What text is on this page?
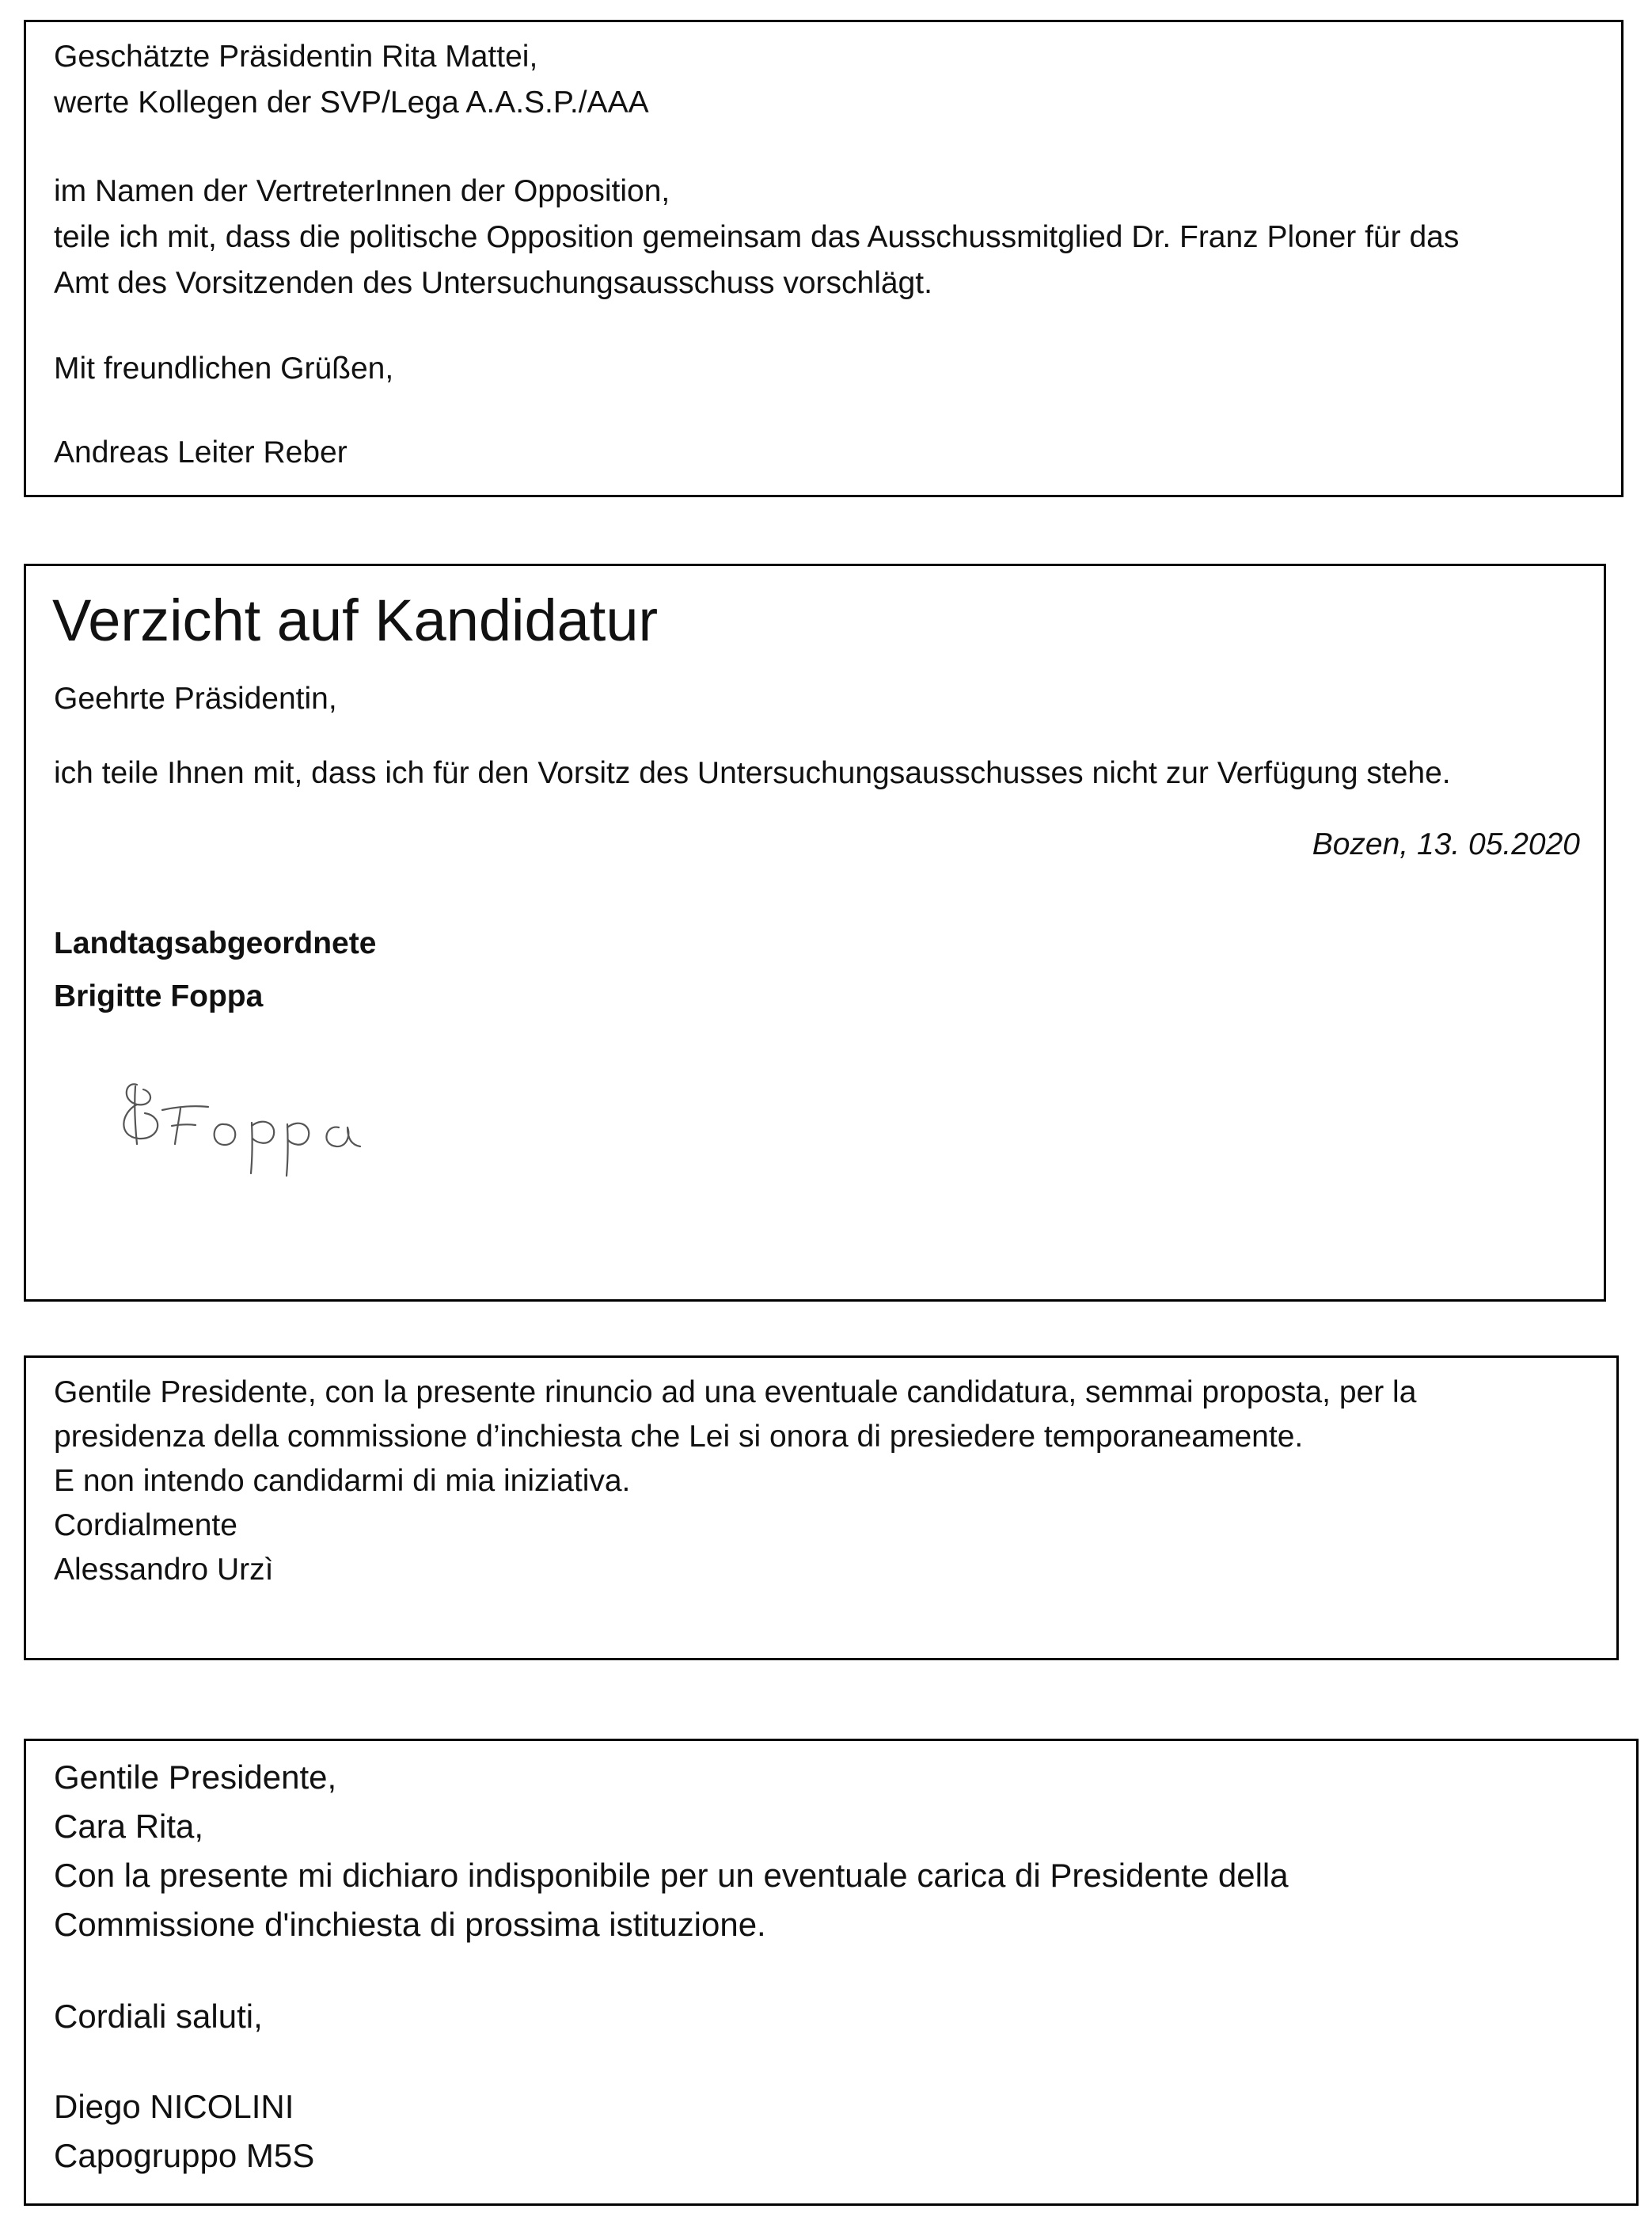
Geschätzte Präsidentin Rita Mattei,
werte Kollegen der SVP/Lega A.A.S.P./AAA
im Namen der VertreterInnen der Opposition,
teile ich mit, dass die politische Opposition gemeinsam das Ausschussmitglied Dr. Franz Ploner für das
Amt des Vorsitzenden des Untersuchungsausschuss vorschlägt.
Mit freundlichen Grüßen,
Andreas Leiter Reber
Verzicht auf Kandidatur
Geehrte Präsidentin,
ich teile Ihnen mit, dass ich für den Vorsitz des Untersuchungsausschusses nicht zur Verfügung stehe.
Bozen, 13. 05.2020
Landtagsabgeordnete
Brigitte Foppa
Gentile Presidente, con la presente rinuncio ad una eventuale candidatura, semmai proposta, per la
presidenza della commissione d’inchiesta che Lei si onora di presiedere temporaneamente.
E non intendo candidarmi di mia iniziativa.
Cordialmente
Alessandro Urzì
Gentile Presidente,
Cara Rita,
Con la presente mi dichiaro indisponibile per un eventuale carica di Presidente della
Commissione d'inchiesta di prossima istituzione.
Cordiali saluti,
Diego NICOLINI
Capogruppo M5S
